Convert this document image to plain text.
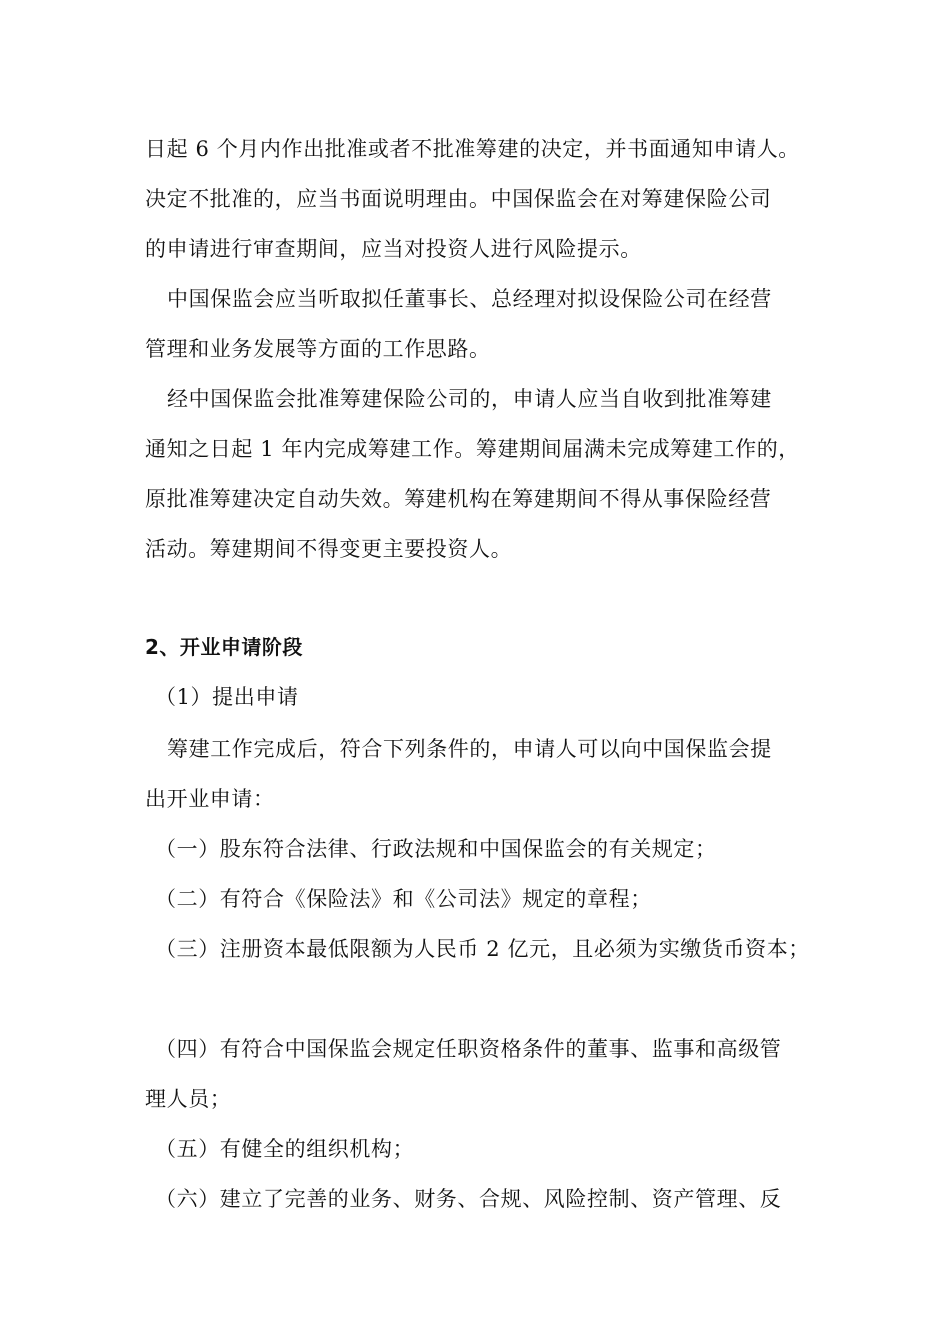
日起 6 个月内作出批准或者不批准筹建的决定，并书面通知申请人。
决定不批准的，应当书面说明理由。中国保监会在对筹建保险公司
的申请进行审查期间，应当对投资人进行风险提示。
中国保监会应当听取拟任董事长、总经理对拟设保险公司在经营
管理和业务发展等方面的工作思路。
经中国保监会批准筹建保险公司的，申请人应当自收到批准筹建
通知之日起 1 年内完成筹建工作。筹建期间届满未完成筹建工作的，
原批准筹建决定自动失效。筹建机构在筹建期间不得从事保险经营
活动。筹建期间不得变更主要投资人。
2、开业申请阶段
（1）提出申请
筹建工作完成后，符合下列条件的，申请人可以向中国保监会提
出开业申请：
（一）股东符合法律、行政法规和中国保监会的有关规定；
（二）有符合《保险法》和《公司法》规定的章程；
（三）注册资本最低限额为人民币 2 亿元，且必须为实缴货币资本；
（四）有符合中国保监会规定任职资格条件的董事、监事和高级管
理人员；
（五）有健全的组织机构；
（六）建立了完善的业务、财务、合规、风险控制、资产管理、反
